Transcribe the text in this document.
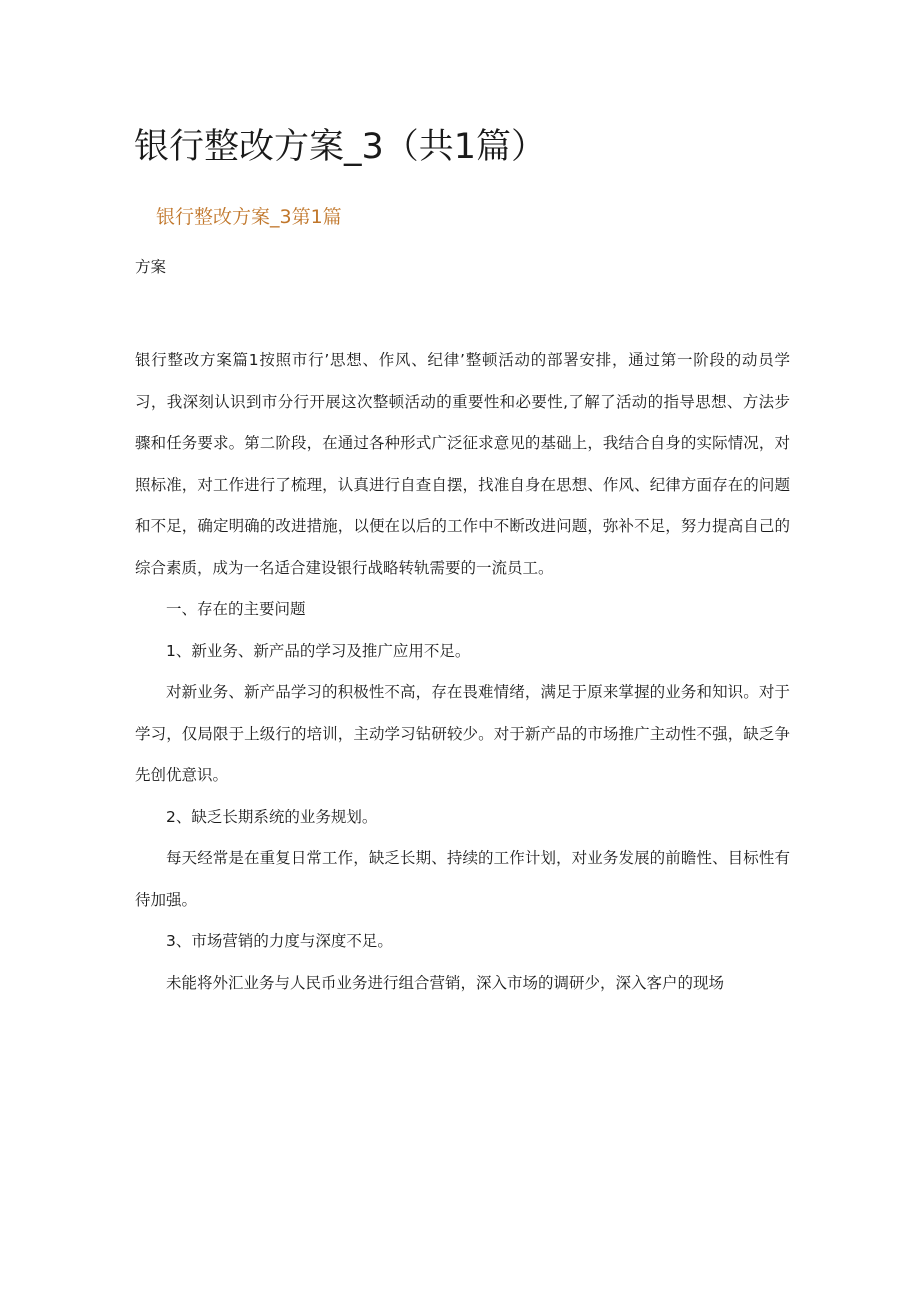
银行整改方案_3（共1篇）
银行整改方案_3第1篇
方案

银行整改方案篇1按照市行’思想、作风、纪律’整顿活动的部署安排，通过第一阶段的动员学习，我深刻认识到市分行开展这次整顿活动的重要性和必要性,了解了活动的指导思想、方法步骤和任务要求。第二阶段，在通过各种形式广泛征求意见的基础上，我结合自身的实际情况，对照标准，对工作进行了梳理，认真进行自查自摆，找准自身在思想、作风、纪律方面存在的问题和不足，确定明确的改进措施，以便在以后的工作中不断改进问题，弥补不足，努力提高自己的综合素质，成为一名适合建设银行战略转轨需要的一流员工。

一、存在的主要问题

1、新业务、新产品的学习及推广应用不足。

对新业务、新产品学习的积极性不高，存在畏难情绪，满足于原来掌握的业务和知识。对于学习，仅局限于上级行的培训，主动学习钻研较少。对于新产品的市场推广主动性不强，缺乏争先创优意识。

2、缺乏长期系统的业务规划。

每天经常是在重复日常工作，缺乏长期、持续的工作计划，对业务发展的前瞻性、目标性有待加强。

3、市场营销的力度与深度不足。

未能将外汇业务与人民币业务进行组合营销，深入市场的调研少，深入客户的现场
